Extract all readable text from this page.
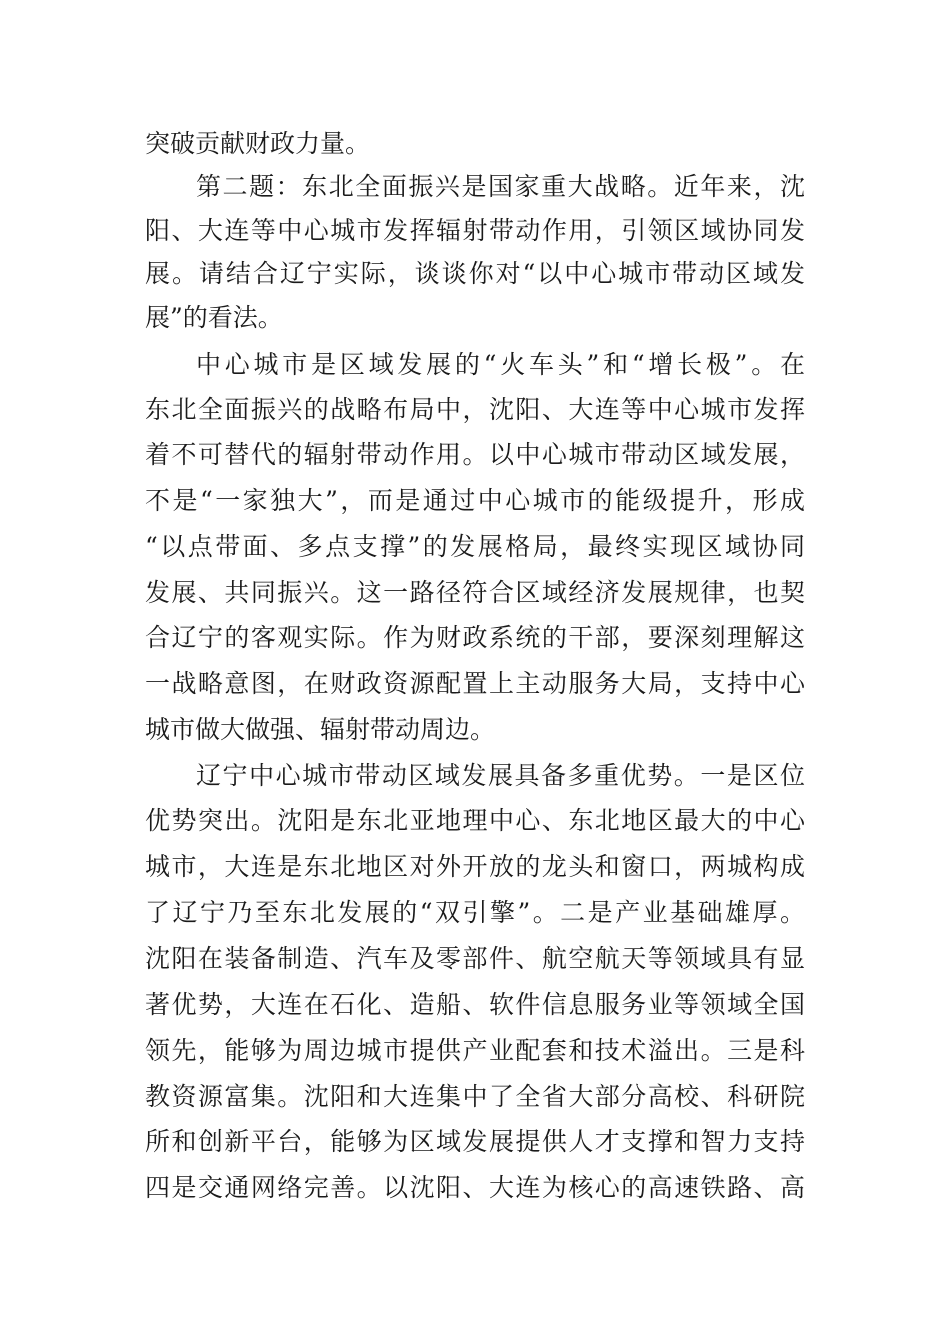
突破贡献财政力量。
第二题：东北全面振兴是国家重大战略。近年来，沈
阳、大连等中心城市发挥辐射带动作用，引领区域协同发
展。请结合辽宁实际，谈谈你对“以中心城市带动区域发
展”的看法。
中心城市是区域发展的“火车头”和“增长极”。在
东北全面振兴的战略布局中，沈阳、大连等中心城市发挥
着不可替代的辐射带动作用。以中心城市带动区域发展，
不是“一家独大”，而是通过中心城市的能级提升，形成
“以点带面、多点支撑”的发展格局，最终实现区域协同
发展、共同振兴。这一路径符合区域经济发展规律，也契
合辽宁的客观实际。作为财政系统的干部，要深刻理解这
一战略意图，在财政资源配置上主动服务大局，支持中心
城市做大做强、辐射带动周边。
辽宁中心城市带动区域发展具备多重优势。一是区位
优势突出。沈阳是东北亚地理中心、东北地区最大的中心
城市，大连是东北地区对外开放的龙头和窗口，两城构成
了辽宁乃至东北发展的“双引擎”。二是产业基础雄厚。
沈阳在装备制造、汽车及零部件、航空航天等领域具有显
著优势，大连在石化、造船、软件信息服务业等领域全国
领先，能够为周边城市提供产业配套和技术溢出。三是科
教资源富集。沈阳和大连集中了全省大部分高校、科研院
所和创新平台，能够为区域发展提供人才支撑和智力支持
四是交通网络完善。以沈阳、大连为核心的高速铁路、高
